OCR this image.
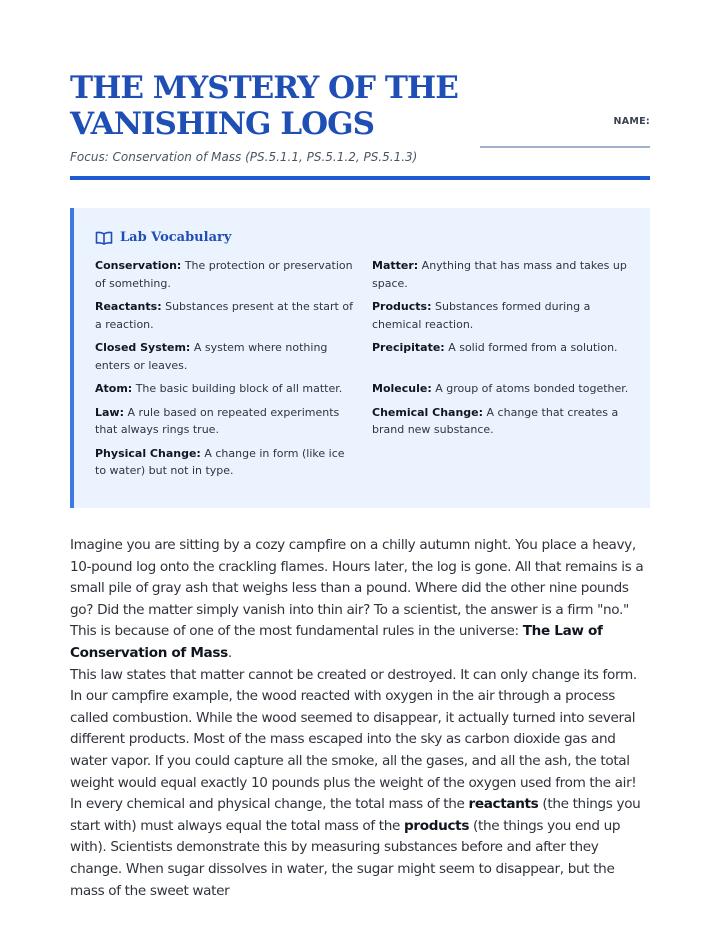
THE MYSTERY OF THE VANISHING LOGS
Focus: Conservation of Mass (PS.5.1.1, PS.5.1.2, PS.5.1.3)
NAME:
Lab Vocabulary
Conservation: The protection or preservation of something.
Matter: Anything that has mass and takes up space.
Reactants: Substances present at the start of a reaction.
Products: Substances formed during a chemical reaction.
Closed System: A system where nothing enters or leaves.
Precipitate: A solid formed from a solution.
Atom: The basic building block of all matter.	Molecule: A group of atoms bonded together.
Law: A rule based on repeated experiments that always rings true.
Chemical Change: A change that creates a brand new substance.
Physical Change: A change in form (like ice to water) but not in type.

Imagine you are sitting by a cozy campfire on a chilly autumn night. You place a heavy, 10-pound log onto the crackling flames. Hours later, the log is gone. All that remains is a small pile of gray ash that weighs less than a pound. Where did the other nine pounds go? Did the matter simply vanish into thin air? To a scientist, the answer is a firm "no." This is because of one of the most fundamental rules in the universe: The Law of Conservation of Mass.

This law states that matter cannot be created or destroyed. It can only change its form. In our campfire example, the wood reacted with oxygen in the air through a process called combustion. While the wood seemed to disappear, it actually turned into several different products. Most of the mass escaped into the sky as carbon dioxide gas and water vapor. If you could capture all the smoke, all the gases, and all the ash, the total weight would equal exactly 10 pounds plus the weight of the oxygen used from the air!

In every chemical and physical change, the total mass of the reactants (the things you start with) must always equal the total mass of the products (the things you end up with). Scientists demonstrate this by measuring substances before and after they change. When sugar dissolves in water, the sugar might seem to disappear, but the mass of the sweet water
